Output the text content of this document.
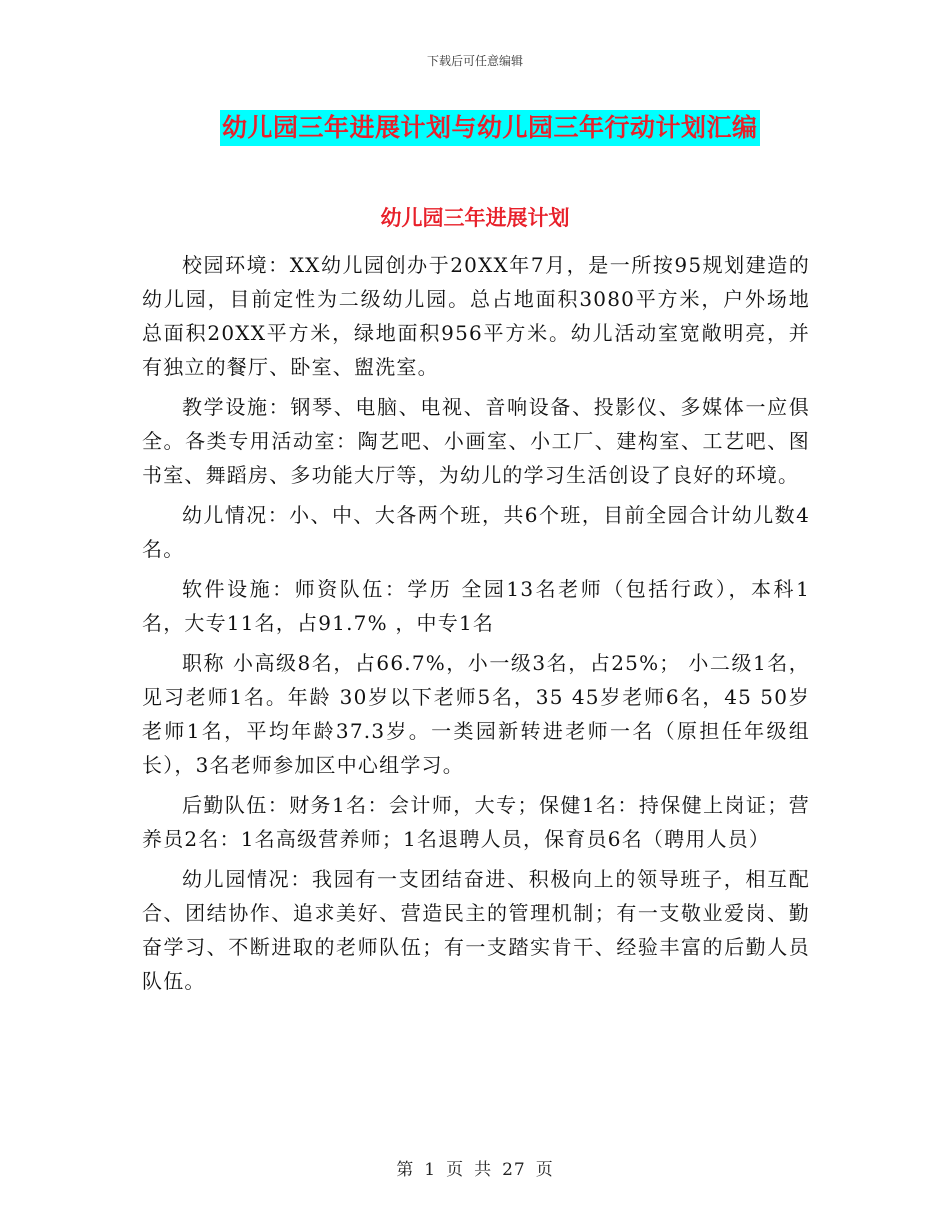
下载后可任意编辑
幼儿园三年进展计划与幼儿园三年行动计划汇编
幼儿园三年进展计划

校园环境：XX幼儿园创办于20XX年7月，是一所按95规划建造的幼儿园，目前定性为二级幼儿园。总占地面积3080平方米，户外场地总面积20XX平方米，绿地面积956平方米。幼儿活动室宽敞明亮，并有独立的餐厅、卧室、盥洗室。

教学设施：钢琴、电脑、电视、音响设备、投影仪、多媒体一应俱全。各类专用活动室：陶艺吧、小画室、小工厂、建构室、工艺吧、图书室、舞蹈房、多功能大厅等，为幼儿的学习生活创设了良好的环境。

幼儿情况：小、中、大各两个班，共6个班，目前全园合计幼儿数4 名。

软件设施：师资队伍：学历 全园13名老师（包括行政），本科1名，大专11名，占91.7% ，中专1名

职称 小高级8名，占66.7%，小一级3名，占25%； 小二级1名，见习老师1名。年龄 30岁以下老师5名，35 45岁老师6名，45 50岁老师1名，平均年龄37.3岁。一类园新转进老师一名（原担任年级组长），3名老师参加区中心组学习。

后勤队伍：财务1名：会计师，大专；保健1名：持保健上岗证；营养员2名：1名高级营养师；1名退聘人员，保育员6名（聘用人员）

幼儿园情况：我园有一支团结奋进、积极向上的领导班子，相互配合、团结协作、追求美好、营造民主的管理机制；有一支敬业爱岗、勤奋学习、不断进取的老师队伍；有一支踏实肯干、经验丰富的后勤人员队伍。

第 1 页 共 27 页
